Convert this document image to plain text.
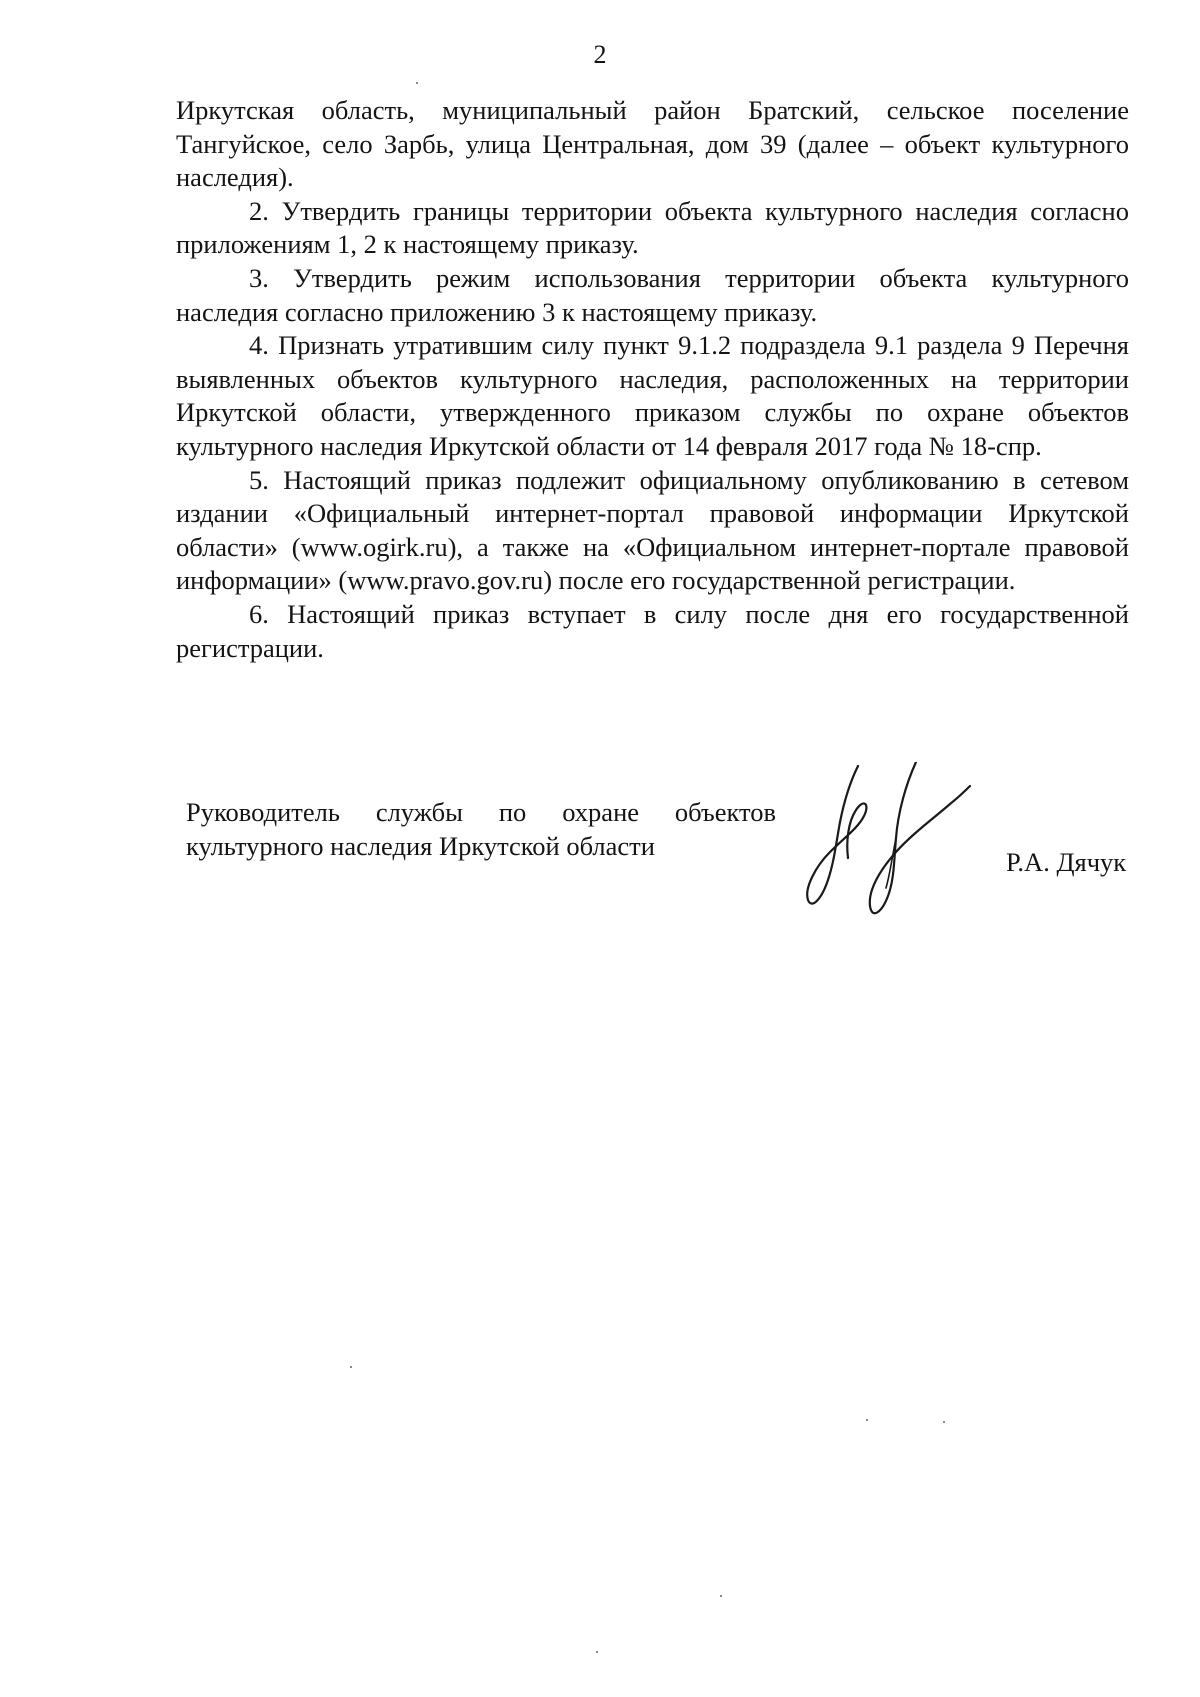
2

Иркутская область, муниципальный район Братский, сельское поселение Тангуйское, село Зарбь, улица Центральная, дом 39 (далее – объект культурного наследия).

2. Утвердить границы территории объекта культурного наследия согласно приложениям 1, 2 к настоящему приказу.

3. Утвердить режим использования территории объекта культурного наследия согласно приложению 3 к настоящему приказу.

4. Признать утратившим силу пункт 9.1.2 подраздела 9.1 раздела 9 Перечня выявленных объектов культурного наследия, расположенных на территории Иркутской области, утвержденного приказом службы по охране объектов культурного наследия Иркутской области от 14 февраля 2017 года № 18-спр.

5. Настоящий приказ подлежит официальному опубликованию в сетевом издании «Официальный интернет-портал правовой информации Иркутской области» (www.ogirk.ru), а также на «Официальном интернет-портале правовой информации» (www.pravo.gov.ru) после его государственной регистрации.

6. Настоящий приказ вступает в силу после дня его государственной регистрации.

Руководитель службы по охране объектов
культурного наследия Иркутской области
Р.А. Дячук
